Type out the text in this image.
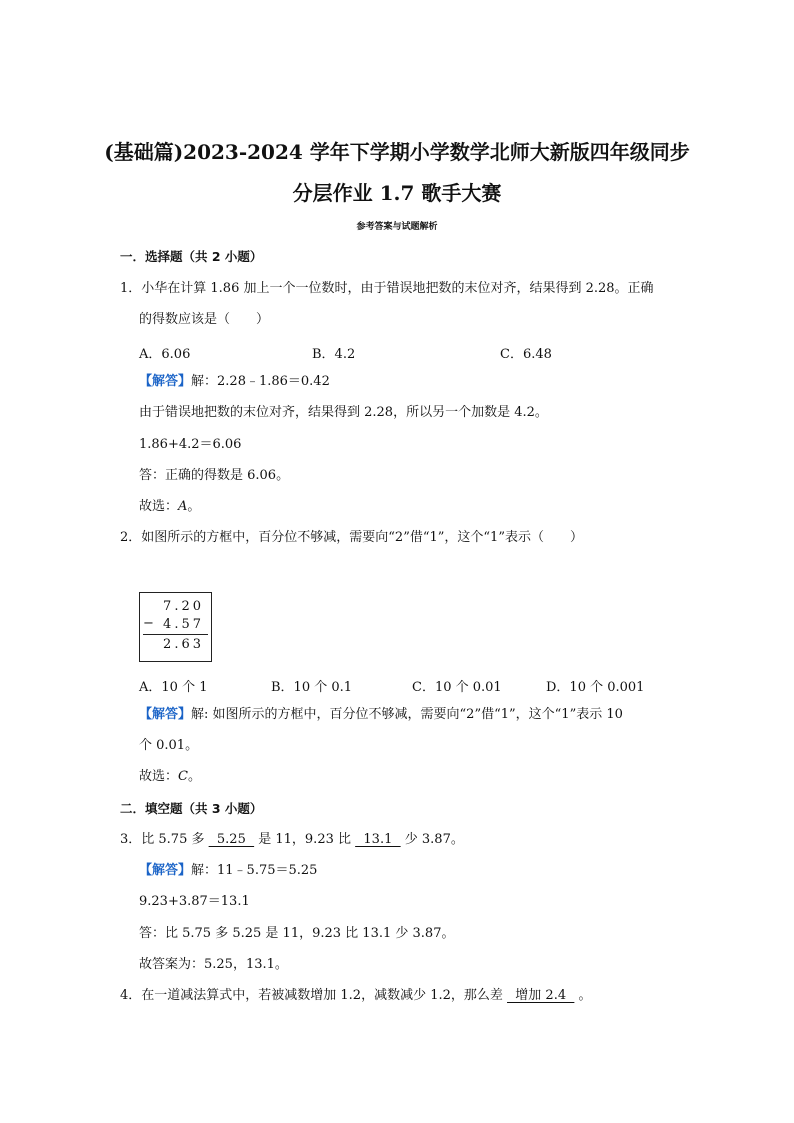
(基础篇)2023-2024 学年下学期小学数学北师大新版四年级同步
分层作业 1.7 歌手大赛
参考答案与试题解析
一．选择题（共 2 小题）
1．小华在计算 1.86 加上一个一位数时，由于错误地把数的末位对齐，结果得到 2.28。正确
的得数应该是（　　）
A．6.06	B．4.2	C．6.48
【解答】解：2.28﹣1.86＝0.42
由于错误地把数的末位对齐，结果得到 2.28，所以另一个加数是 4.2。
1.86+4.2＝6.06
答：正确的得数是 6.06。
故选：A。
2．如图所示的方框中，百分位不够减，需要向“2”借“1”，这个“1”表示（　　）
7.20
− 4.57
2.63
A．10 个 1	B．10 个 0.1	C．10 个 0.01	D．10 个 0.001
【解答】解: 如图所示的方框中，百分位不够减，需要向“2”借“1”，这个“1”表示 10
个 0.01。
故选：C。
二．填空题（共 3 小题）
3．比 5.75 多   5.25   是 11，9.23 比   13.1   少 3.87。
【解答】解：11﹣5.75＝5.25
9.23+3.87＝13.1
答：比 5.75 多 5.25 是 11，9.23 比 13.1 少 3.87。
故答案为：5.25，13.1。
4．在一道减法算式中，若被减数增加 1.2，减数减少 1.2，那么差   增加 2.4   。
